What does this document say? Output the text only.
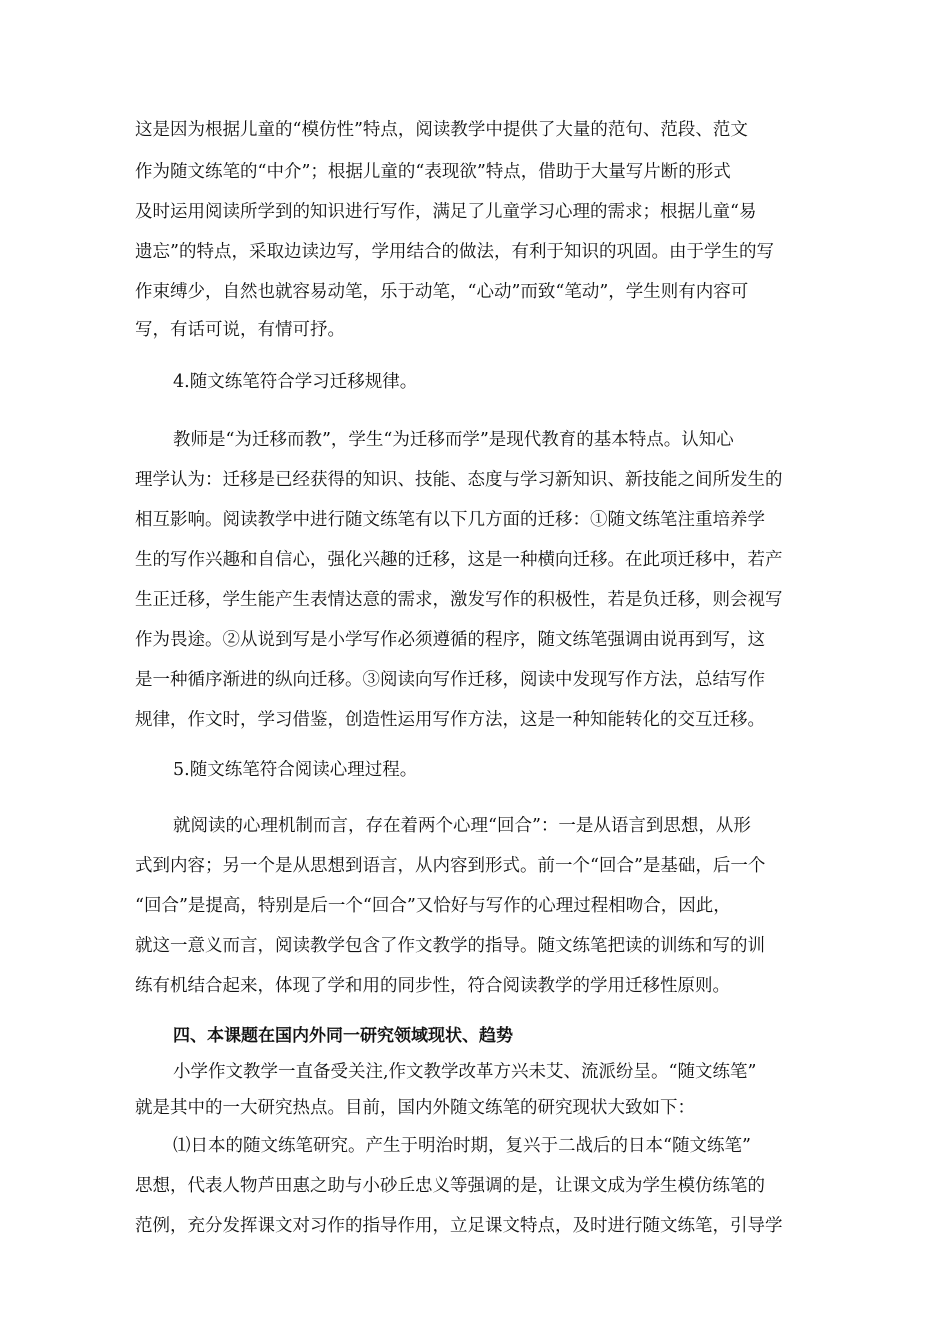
这是因为根据儿童的“模仿性”特点，阅读教学中提供了大量的范句、范段、范文
作为随文练笔的“中介”；根据儿童的“表现欲”特点，借助于大量写片断的形式
及时运用阅读所学到的知识进行写作，满足了儿童学习心理的需求；根据儿童“易
遗忘”的特点，采取边读边写，学用结合的做法，有利于知识的巩固。由于学生的写
作束缚少，自然也就容易动笔，乐于动笔，“心动”而致“笔动”，学生则有内容可
写，有话可说，有情可抒。
4.随文练笔符合学习迁移规律。
教师是“为迁移而教”，学生“为迁移而学”是现代教育的基本特点。认知心
理学认为：迁移是已经获得的知识、技能、态度与学习新知识、新技能之间所发生的
相互影响。阅读教学中进行随文练笔有以下几方面的迁移：①随文练笔注重培养学
生的写作兴趣和自信心，强化兴趣的迁移，这是一种横向迁移。在此项迁移中，若产
生正迁移，学生能产生表情达意的需求，激发写作的积极性，若是负迁移，则会视写
作为畏途。②从说到写是小学写作必须遵循的程序，随文练笔强调由说再到写，这
是一种循序渐进的纵向迁移。③阅读向写作迁移，阅读中发现写作方法，总结写作
规律，作文时，学习借鉴，创造性运用写作方法，这是一种知能转化的交互迁移。
5.随文练笔符合阅读心理过程。
就阅读的心理机制而言，存在着两个心理“回合”：一是从语言到思想，从形
式到内容；另一个是从思想到语言，从内容到形式。前一个“回合”是基础，后一个
“回合”是提高，特别是后一个“回合”又恰好与写作的心理过程相吻合，因此，
就这一意义而言，阅读教学包含了作文教学的指导。随文练笔把读的训练和写的训
练有机结合起来，体现了学和用的同步性，符合阅读教学的学用迁移性原则。
四、本课题在国内外同一研究领域现状、趋势
小学作文教学一直备受关注,作文教学改革方兴未艾、流派纷呈。“随文练笔”
就是其中的一大研究热点。目前，国内外随文练笔的研究现状大致如下：
⑴日本的随文练笔研究。产生于明治时期，复兴于二战后的日本“随文练笔”
思想，代表人物芦田惠之助与小砂丘忠义等强调的是，让课文成为学生模仿练笔的
范例，充分发挥课文对习作的指导作用，立足课文特点，及时进行随文练笔，引导学
